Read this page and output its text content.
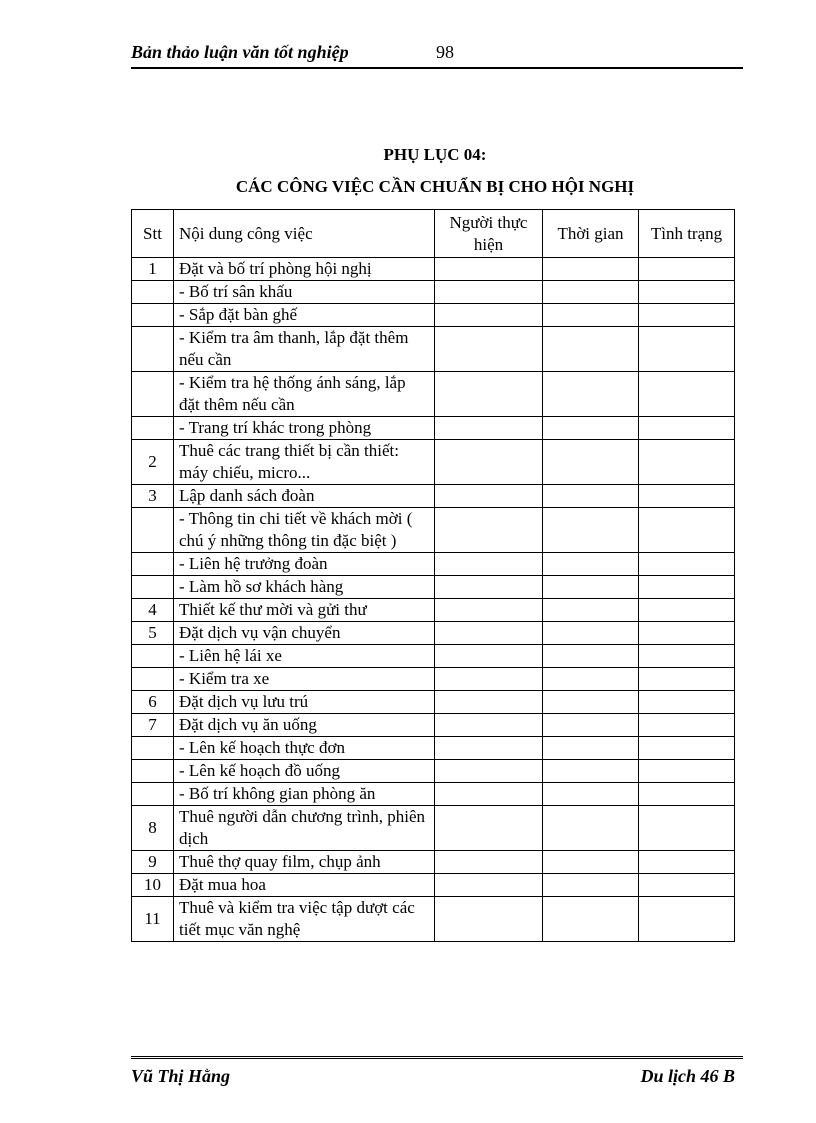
Bản thảo luận văn tốt nghiệp	98
PHỤ LỤC 04:
CÁC CÔNG VIỆC CẦN CHUẨN BỊ CHO HỘI NGHỊ
Stt	Nội dung công việc	Người thực hiện	Thời gian	Tình trạng
1	Đặt và bố trí phòng hội nghị			
	- Bố trí sân khấu			
	- Sắp đặt bàn ghế			
	- Kiểm tra âm thanh, lắp đặt thêm nếu cần			
	- Kiểm tra hệ thống ánh sáng, lắp đặt thêm nếu cần			
	- Trang trí khác trong phòng			
2	Thuê các trang thiết bị cần thiết: máy chiếu, micro...			
3	Lập danh sách đoàn			
	- Thông tin chi tiết về khách mời ( chú ý những thông tin đặc biệt )			
	- Liên hệ trưởng đoàn			
	- Làm hồ sơ khách hàng			
4	Thiết kế thư mời và gửi thư			
5	Đặt dịch vụ vận chuyển			
	- Liên hệ lái xe			
	- Kiểm tra xe			
6	Đặt dịch vụ lưu trú			
7	Đặt dịch vụ ăn uống			
	- Lên kế hoạch thực đơn			
	- Lên kế hoạch đồ uống			
	- Bố trí không gian phòng ăn			
8	Thuê người dẫn chương trình, phiên dịch			
9	Thuê thợ quay film, chụp ảnh			
10	Đặt mua hoa			
11	Thuê và kiểm tra việc tập dượt các tiết mục văn nghệ			
Vũ Thị Hằng	Du lịch 46 B
